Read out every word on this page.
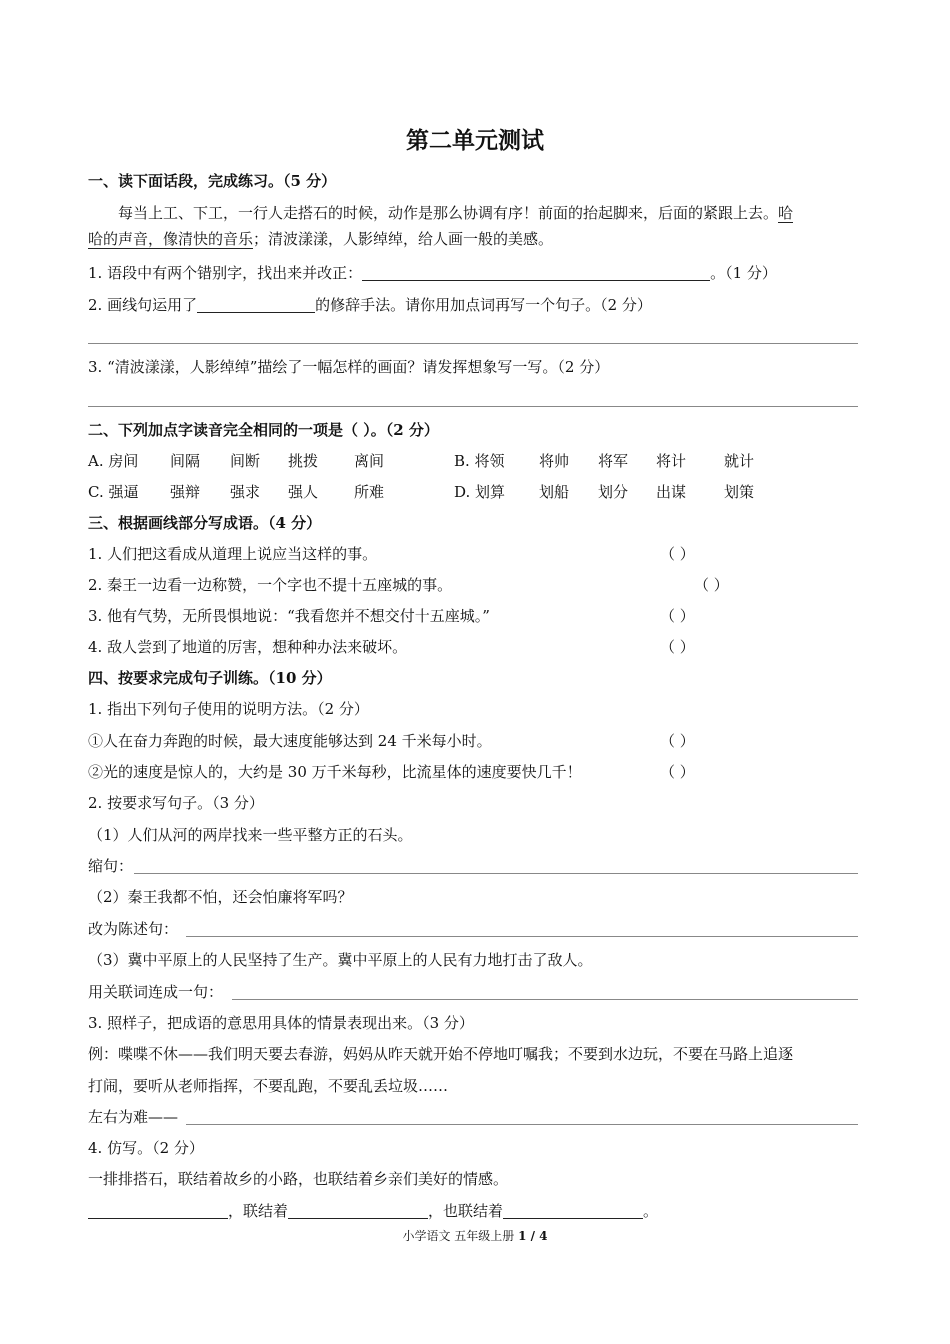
第二单元测试
一、读下面话段，完成练习。（5 分）
每当上工、下工，一行人走搭石的时候，动作是那么协调有序！前面的抬起脚来，后面的紧跟上去。哈
哈的声音，像清快的音乐；清波漾漾，人影绰绰，给人画一般的美感。
1. 语段中有两个错别字，找出来并改正：	。（1 分）
2. 画线句运用了	的修辞手法。请你用加点词再写一个句子。（2 分）
3. “清波漾漾，人影绰绰”描绘了一幅怎样的画面？请发挥想象写一写。（2 分）
二、下列加点字读音完全相同的一项是（ ）。（2 分）
A. 房间 间隔 间断 挑拨 离间	B. 将领 将帅 将军 将计	就计
C. 强逼 强辩 强求 强人 所难	D. 划算 划船 划分 出谋	划策
三、根据画线部分写成语。（4 分）
1. 人们把这看成从道理上说应当这样的事。	（ ）
2. 秦王一边看一边称赞，一个字也不提十五座城的事。	（ ）
3. 他有气势，无所畏惧地说：“我看您并不想交付十五座城。”	（ ）
4. 敌人尝到了地道的厉害，想种种办法来破坏。	（ ）
四、按要求完成句子训练。（10 分）
1. 指出下列句子使用的说明方法。（2 分）
①人在奋力奔跑的时候，最大速度能够达到 24 千米每小时。	（ ）
②光的速度是惊人的，大约是 30 万千米每秒，比流星体的速度要快几千！	（ ）
2. 按要求写句子。（3 分）
（1）人们从河的两岸找来一些平整方正的石头。
缩句：
（2）秦王我都不怕，还会怕廉将军吗？
改为陈述句：
（3）冀中平原上的人民坚持了生产。冀中平原上的人民有力地打击了敌人。
用关联词连成一句：
3. 照样子，把成语的意思用具体的情景表现出来。（3 分）
例：喋喋不休——我们明天要去春游，妈妈从昨天就开始不停地叮嘱我；不要到水边玩，不要在马路上追逐
打闹，要听从老师指挥，不要乱跑，不要乱丢垃圾……
左右为难——
4. 仿写。（2 分）
一排排搭石，联结着故乡的小路，也联结着乡亲们美好的情感。
，联结着	，也联结着	。
小学语文 五年级上册 1 / 4
